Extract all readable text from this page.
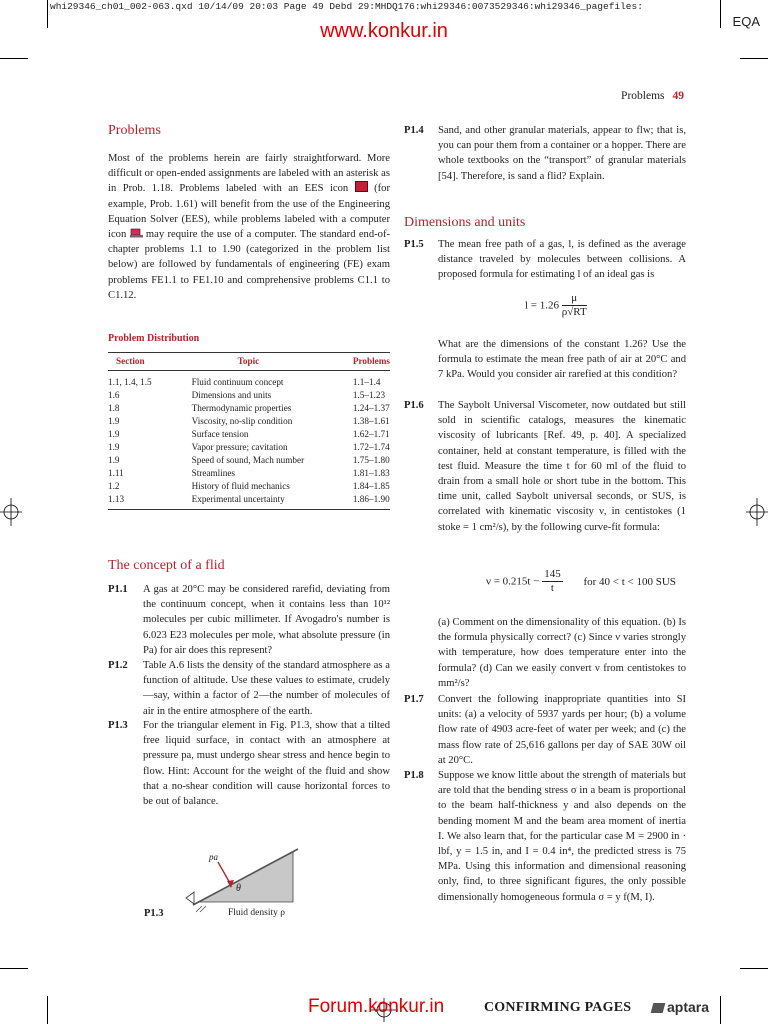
whi29346_ch01_002-063.qxd 10/14/09 20:03 Page 49 Debd 29:MHDQ176:whi29346:0073529346:whi29346_pagefiles:
EQA
www.konkur.in
Problems 49
Problems
Most of the problems herein are fairly straightforward. More difficult or open-ended assignments are labeled with an asterisk as in Prob. 1.18. Problems labeled with an EES icon (for example, Prob. 1.61) will benefit from the use of the Engineering Equation Solver (EES), while problems labeled with a computer icon may require the use of a computer. The standard end-of-chapter problems 1.1 to 1.90 (categorized in the problem list below) are followed by fundamentals of engineering (FE) exam problems FE1.1 to FE1.10 and comprehensive problems C1.1 to C1.12.
Problem Distribution
Section	Topic	Problems
1.1, 1.4, 1.5	Fluid continuum concept	1.1–1.4
1.6	Dimensions and units	1.5–1.23
1.8	Thermodynamic properties	1.24–1.37
1.9	Viscosity, no-slip condition	1.38–1.61
1.9	Surface tension	1.62–1.71
1.9	Vapor pressure; cavitation	1.72–1.74
1.9	Speed of sound, Mach number	1.75–1.80
1.11	Streamlines	1.81–1.83
1.2	History of fluid mechanics	1.84–1.85
1.13	Experimental uncertainty	1.86–1.90
The concept of a flid
P1.1 A gas at 20°C may be considered rarefid, deviating from the continuum concept, when it contains less than 10¹² molecules per cubic millimeter. If Avogadro's number is 6.023 E23 molecules per mole, what absolute pressure (in Pa) for air does this represent?
P1.2 Table A.6 lists the density of the standard atmosphere as a function of altitude. Use these values to estimate, crudely—say, within a factor of 2—the number of molecules of air in the entire atmosphere of the earth.
P1.3 For the triangular element in Fig. P1.3, show that a tilted free liquid surface, in contact with an atmosphere at pressure pa, must undergo shear stress and hence begin to flow. Hint: Account for the weight of the fluid and show that a no-shear condition will cause horizontal forces to be out of balance.
pa
θ
Fluid density ρ
P1.3
P1.4 Sand, and other granular materials, appear to flw; that is, you can pour them from a container or a hopper. There are whole textbooks on the “transport” of granular materials [54]. Therefore, is sand a flid? Explain.
Dimensions and units
P1.5 The mean free path of a gas, l, is defined as the average distance traveled by molecules between collisions. A proposed formula for estimating l of an ideal gas is
$l = 1.26 \frac{\mu}{\rho√RT}$
What are the dimensions of the constant 1.26? Use the formula to estimate the mean free path of air at 20°C and 7 kPa. Would you consider air rarefied at this condition?
P1.6 The Saybolt Universal Viscometer, now outdated but still sold in scientific catalogs, measures the kinematic viscosity of lubricants [Ref. 49, p. 40]. A specialized container, held at constant temperature, is filled with the test fluid. Measure the time t for 60 ml of the fluid to drain from a small hole or short tube in the bottom. This time unit, called Saybolt universal seconds, or SUS, is correlated with kinematic viscosity ν, in centistokes (1 stoke = 1 cm²/s), by the following curve-fit formula:
$\nu = 0.215t - \frac{145}{t}$ for 40 < t < 100 SUS
(a) Comment on the dimensionality of this equation. (b) Is the formula physically correct? (c) Since ν varies strongly with temperature, how does temperature enter into the formula? (d) Can we easily convert ν from centistokes to mm²/s?
P1.7 Convert the following inappropriate quantities into SI units: (a) a velocity of 5937 yards per hour; (b) a volume flow rate of 4903 acre-feet of water per week; and (c) the mass flow rate of 25,616 gallons per day of SAE 30W oil at 20°C.
P1.8 Suppose we know little about the strength of materials but are told that the bending stress σ in a beam is proportional to the beam half-thickness y and also depends on the bending moment M and the beam area moment of inertia I. We also learn that, for the particular case M = 2900 in · lbf, y = 1.5 in, and I = 0.4 in⁴, the predicted stress is 75 MPa. Using this information and dimensional reasoning only, find, to three significant figures, the only possible dimensionally homogeneous formula σ = y f(M, I).
Forum.konkur.in	CONFIRMING PAGES	aptara
